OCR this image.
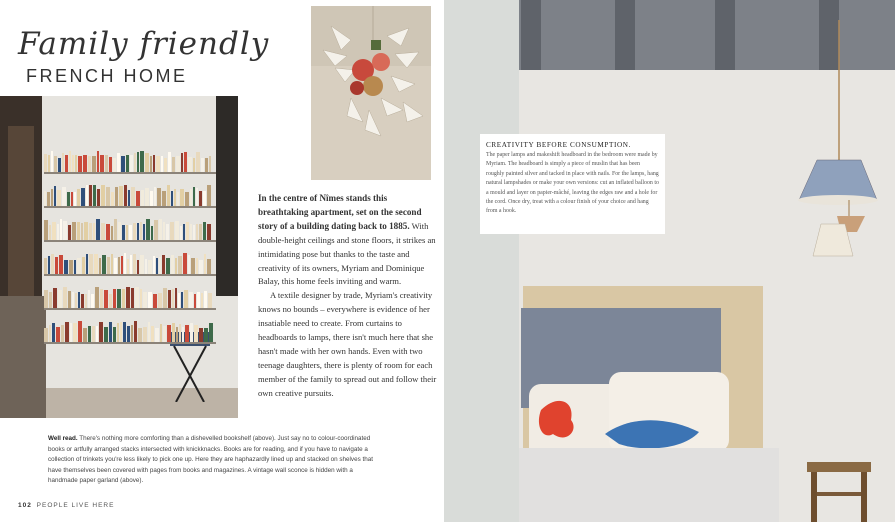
Family friendly
FRENCH HOME

In the centre of Nîmes stands this breathtaking apartment, set on the second story of a building dating back to 1885. With double-height ceilings and stone floors, it strikes an intimidating pose but thanks to the taste and creativity of its owners, Myriam and Dominique Balay, this home feels inviting and warm.

A textile designer by trade, Myriam's creativity knows no bounds – everywhere is evidence of her insatiable need to create. From curtains to headboards to lamps, there isn't much here that she hasn't made with her own hands. Even with two teenage daughters, there is plenty of room for each member of the family to spread out and follow their own creative pursuits.

Well read. There's nothing more comforting than a dishevelled bookshelf (above). Just say no to colour-coordinated books or artfully arranged stacks intersected with knickknacks. Books are for reading, and if you have to navigate a collection of trinkets you're less likely to pick one up. Here they are haphazardly lined up and stacked on shelves that have themselves been covered with pages from books and magazines. A vintage wall sconce is hidden with a handmade paper garland (above).
102 PEOPLE LIVE HERE
CREATIVITY BEFORE CONSUMPTION.
The paper lamps and makeshift headboard in the bedroom were made by Myriam. The headboard is simply a piece of muslin that has been roughly painted silver and tacked in place with nails. For the lamps, hang natural lampshades or make your own versions: cut an inflated balloon to a mould and layer on papier-mâché, leaving the edges raw and a hole for the cord. Once dry, treat with a colour finish of your choice and hang from a hook.
